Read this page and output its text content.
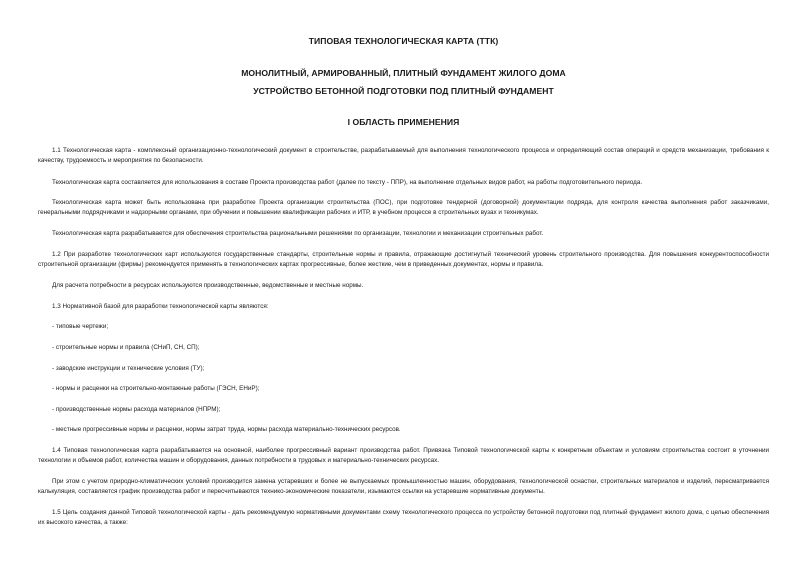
ТИПОВАЯ ТЕХНОЛОГИЧЕСКАЯ КАРТА (ТТК)
МОНОЛИТНЫЙ, АРМИРОВАННЫЙ, ПЛИТНЫЙ ФУНДАМЕНТ ЖИЛОГО ДОМА
УСТРОЙСТВО БЕТОННОЙ ПОДГОТОВКИ ПОД ПЛИТНЫЙ ФУНДАМЕНТ
I ОБЛАСТЬ ПРИМЕНЕНИЯ

1.1 Технологическая карта - комплексный организационно-технологический документ в строительстве, разрабатываемый для выполнения технологического процесса и определяющий состав операций и средств механизации, требования к качеству, трудоемкость и мероприятия по безопасности.

Технологическая карта составляется для использования в составе Проекта производства работ (далее по тексту - ППР), на выполнение отдельных видов работ, на работы подготовительного периода.

Технологическая карта может быть использована при разработке Проекта организации строительства (ПОС), при подготовке тендерной (договорной) документации подряда, для контроля качества выполнения работ заказчиками, генеральными подрядчиками и надзорными органами, при обучении и повышении квалификации рабочих и ИТР, в учебном процессе в строительных вузах и техникумах.

Технологическая карта разрабатывается для обеспечения строительства рациональными решениями по организации, технологии и механизации строительных работ.

1.2 При разработке технологических карт используются государственные стандарты, строительные нормы и правила, отражающие достигнутый технический уровень строительного производства. Для повышения конкурентоспособности строительной организации (фирмы) рекомендуется применять в технологических картах прогрессивные, более жесткие, чем в приведенных документах, нормы и правила.

Для расчета потребности в ресурсах используются производственные, ведомственные и местные нормы.

1.3 Нормативной базой для разработки технологической карты являются:

- типовые чертежи;

- строительные нормы и правила (СНиП, СН, СП);

- заводские инструкции и технические условия (ТУ);

- нормы и расценки на строительно-монтажные работы (ГЭСН, ЕНиР);

- производственные нормы расхода материалов (НПРМ);

- местные прогрессивные нормы и расценки, нормы затрат труда, нормы расхода материально-технических ресурсов.

1.4 Типовая технологическая карта разрабатывается на основной, наиболее прогрессивный вариант производства работ. Привязка Типовой технологической карты к конкретным объектам и условиям строительства состоит в уточнении технологии и объемов работ, количества машин и оборудования, данных потребности в трудовых и материально-технических ресурсах.

При этом с учетом природно-климатических условий производится замена устаревших и более не выпускаемых промышленностью машин, оборудования, технологической оснастки, строительных материалов и изделий, пересматривается калькуляция, составляется график производства работ и пересчитываются технико-экономические показатели, изымаются ссылки на устаревшие нормативные документы.

1.5 Цель создания данной Типовой технологической карты - дать рекомендуемую нормативными документами схему технологического процесса по устройству бетонной подготовки под плитный фундамент жилого дома, с целью обеспечения их высокого качества, а также:
